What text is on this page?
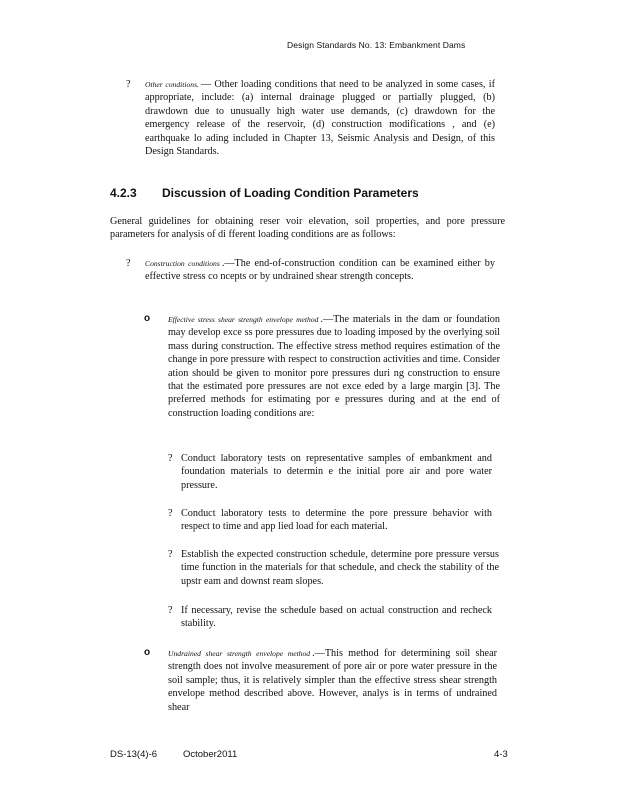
Design Standards No. 13: Embankment Dams
? Other conditions. — Other loading conditions that need to be analyzed in some cases, if appropriate, include: (a) internal drainage plugged or partially plugged, (b) drawdown due to unusually high water use demands, (c) drawdown for the emergency release of the reservoir, (d) construction modifications , and (e) earthquake lo ading included in Chapter 13, Seismic Analysis and Design, of this Design Standards.

4.2.3 Discussion of Loading Condition Parameters

General guidelines for obtaining reser voir elevation, soil properties, and pore pressure parameters for analysis of di fferent loading conditions are as follows:

? Construction conditions .—The end-of-construction condition can be examined either by effective stress co ncepts or by undrained shear strength concepts.

o Effective stress shear strength envelope method .—The materials in the dam or foundation may develop exce ss pore pressures due to loading imposed by the overlying soil mass during construction. The effective stress method requires estimation of the change in pore pressure with respect to construction activities and time. Consider ation should be given to monitor pore pressures duri ng construction to ensure that the estimated pore pressures are not exce eded by a large margin [3]. The preferred methods for estimating por e pressures during and at the end of construction loading conditions are:

? Conduct laboratory tests on representative samples of embankment and foundation materials to determin e the initial pore air and pore water pressure.

? Conduct laboratory tests to determine the pore pressure behavior with respect to time and app lied load for each material.

? Establish the expected construction schedule, determine pore pressure versus time function in the materials for that schedule, and check the stability of the upstr eam and downst ream slopes.

? If necessary, revise the schedule based on actual construction and recheck stability.

o Undrained shear strength envelope method .—This method for determining soil shear strength does not involve measurement of pore air or pore water pressure in the soil sample; thus, it is relatively simpler than the effective stress shear strength envelope method described above. However, analys is in terms of undrained shear

DS-13(4)-6	October2011	4-3
